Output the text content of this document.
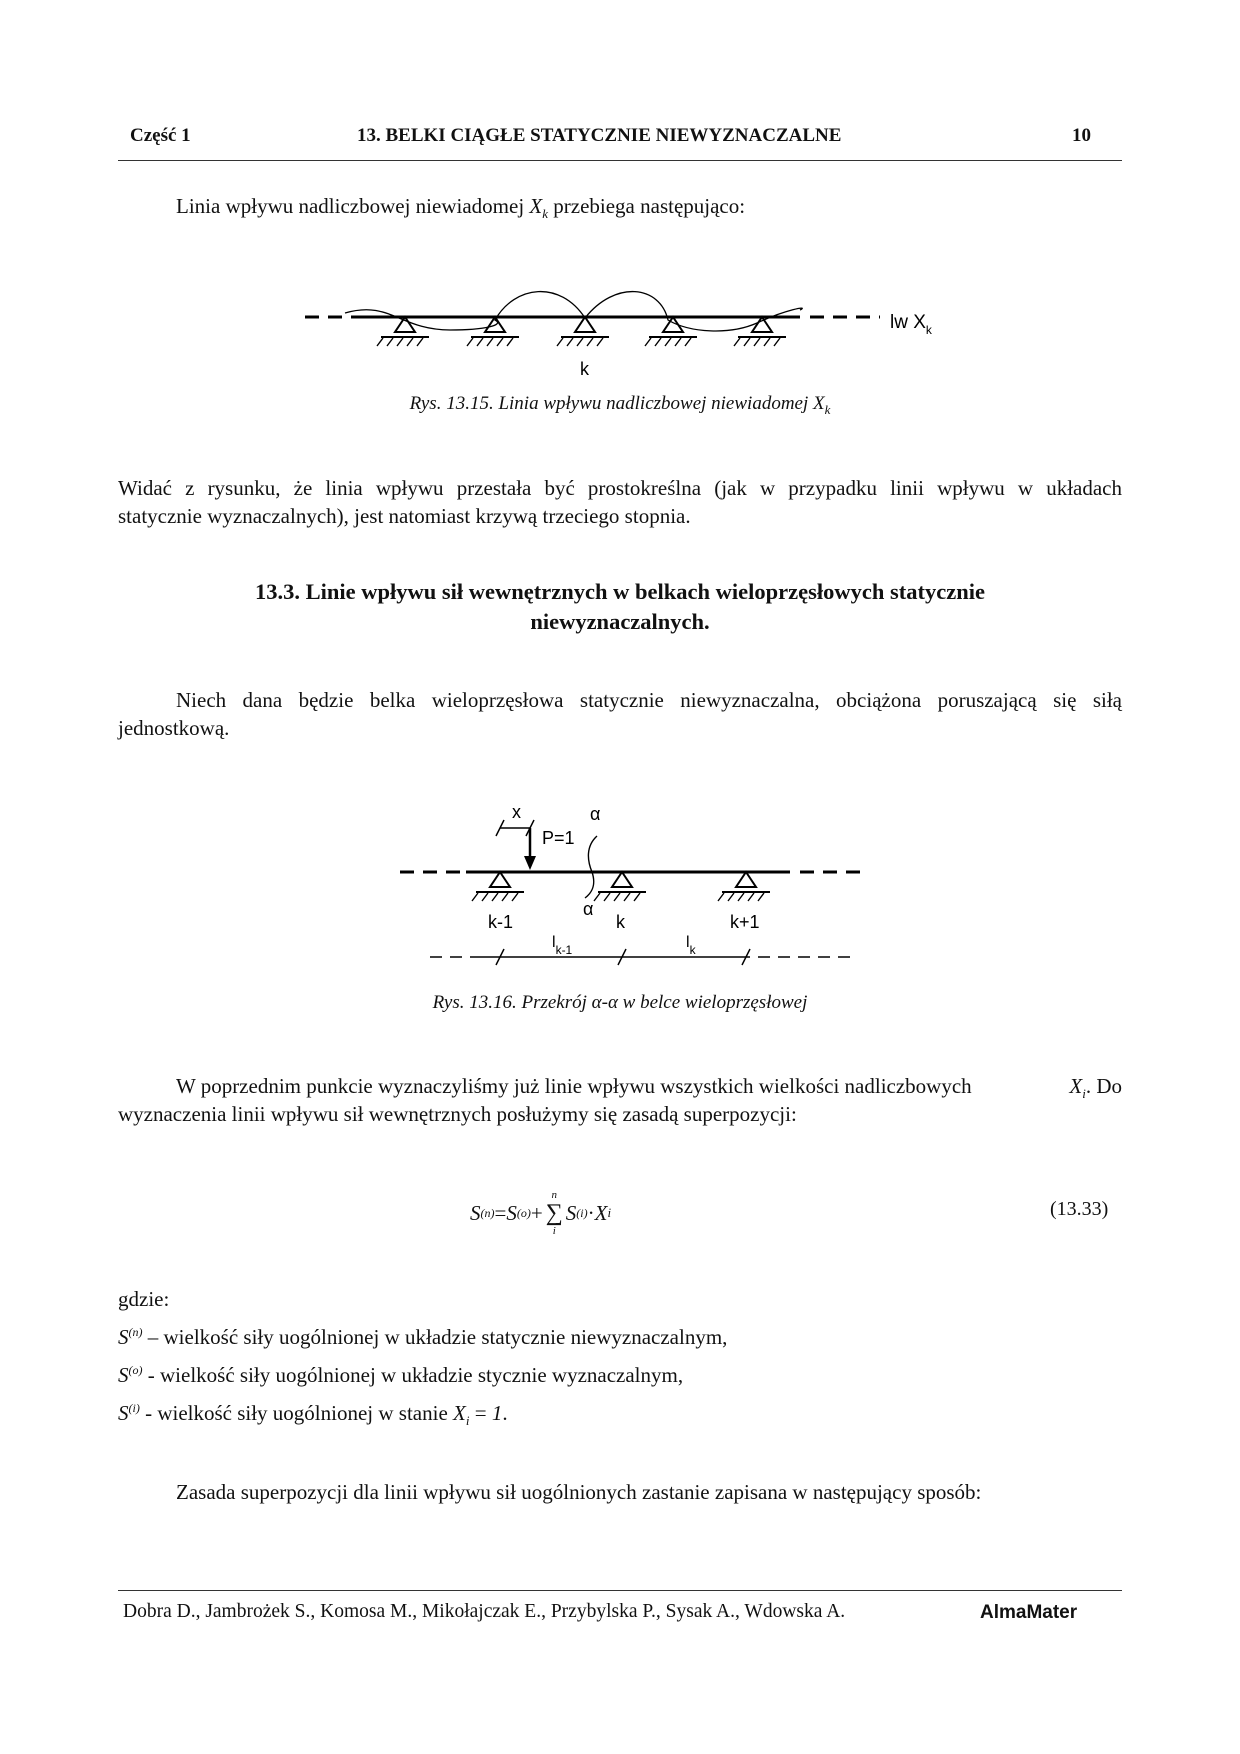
Część 1	13. BELKI CIĄGŁE STATYCZNIE NIEWYZNACZALNE	10
Linia wpływu nadliczbowej niewiadomej $X_k$ przebiega następująco:
lw $X_k$
k
Rys. 13.15. Linia wpływu nadliczbowej niewiadomej $X_k$
Widać z rysunku, że linia wpływu przestała być prostokreślna (jak w przypadku linii wpływu w układach
statycznie wyznaczalnych), jest natomiast krzywą trzeciego stopnia.
13.3. Linie wpływu sił wewnętrznych w belkach wieloprzęsłowych statycznie
niewyznaczalnych.
Niech dana będzie belka wieloprzęsłowa statycznie niewyznaczalna, obciążona poruszającą się siłą
jednostkową.
x
P=1
α
α
k-1	k	k+1
$l_{k-1}$	$l_k$
Rys. 13.16. Przekrój α-α w belce wieloprzęsłowej
W poprzednim punkcie wyznaczyliśmy już linie wpływu wszystkich wielkości nadliczbowych	$X_i$. Do
wyznaczenia linii wpływu sił wewnętrznych posłużymy się zasadą superpozycji:
S (n) = S (o) +
n
∑
i
S (i) · X i	(13.33)
gdzie:
$S^{(n)}$ – wielkość siły uogólnionej w układzie statycznie niewyznaczalnym,
$S^{(o)}$ - wielkość siły uogólnionej w układzie stycznie wyznaczalnym,
$S^{(i)}$ - wielkość siły uogólnionej w stanie $X_i = 1$.
Zasada superpozycji dla linii wpływu sił uogólnionych zastanie zapisana w następujący sposób:
Dobra D., Jambrożek S., Komosa M., Mikołajczak E., Przybylska P., Sysak A., Wdowska A.	AlmaMater
